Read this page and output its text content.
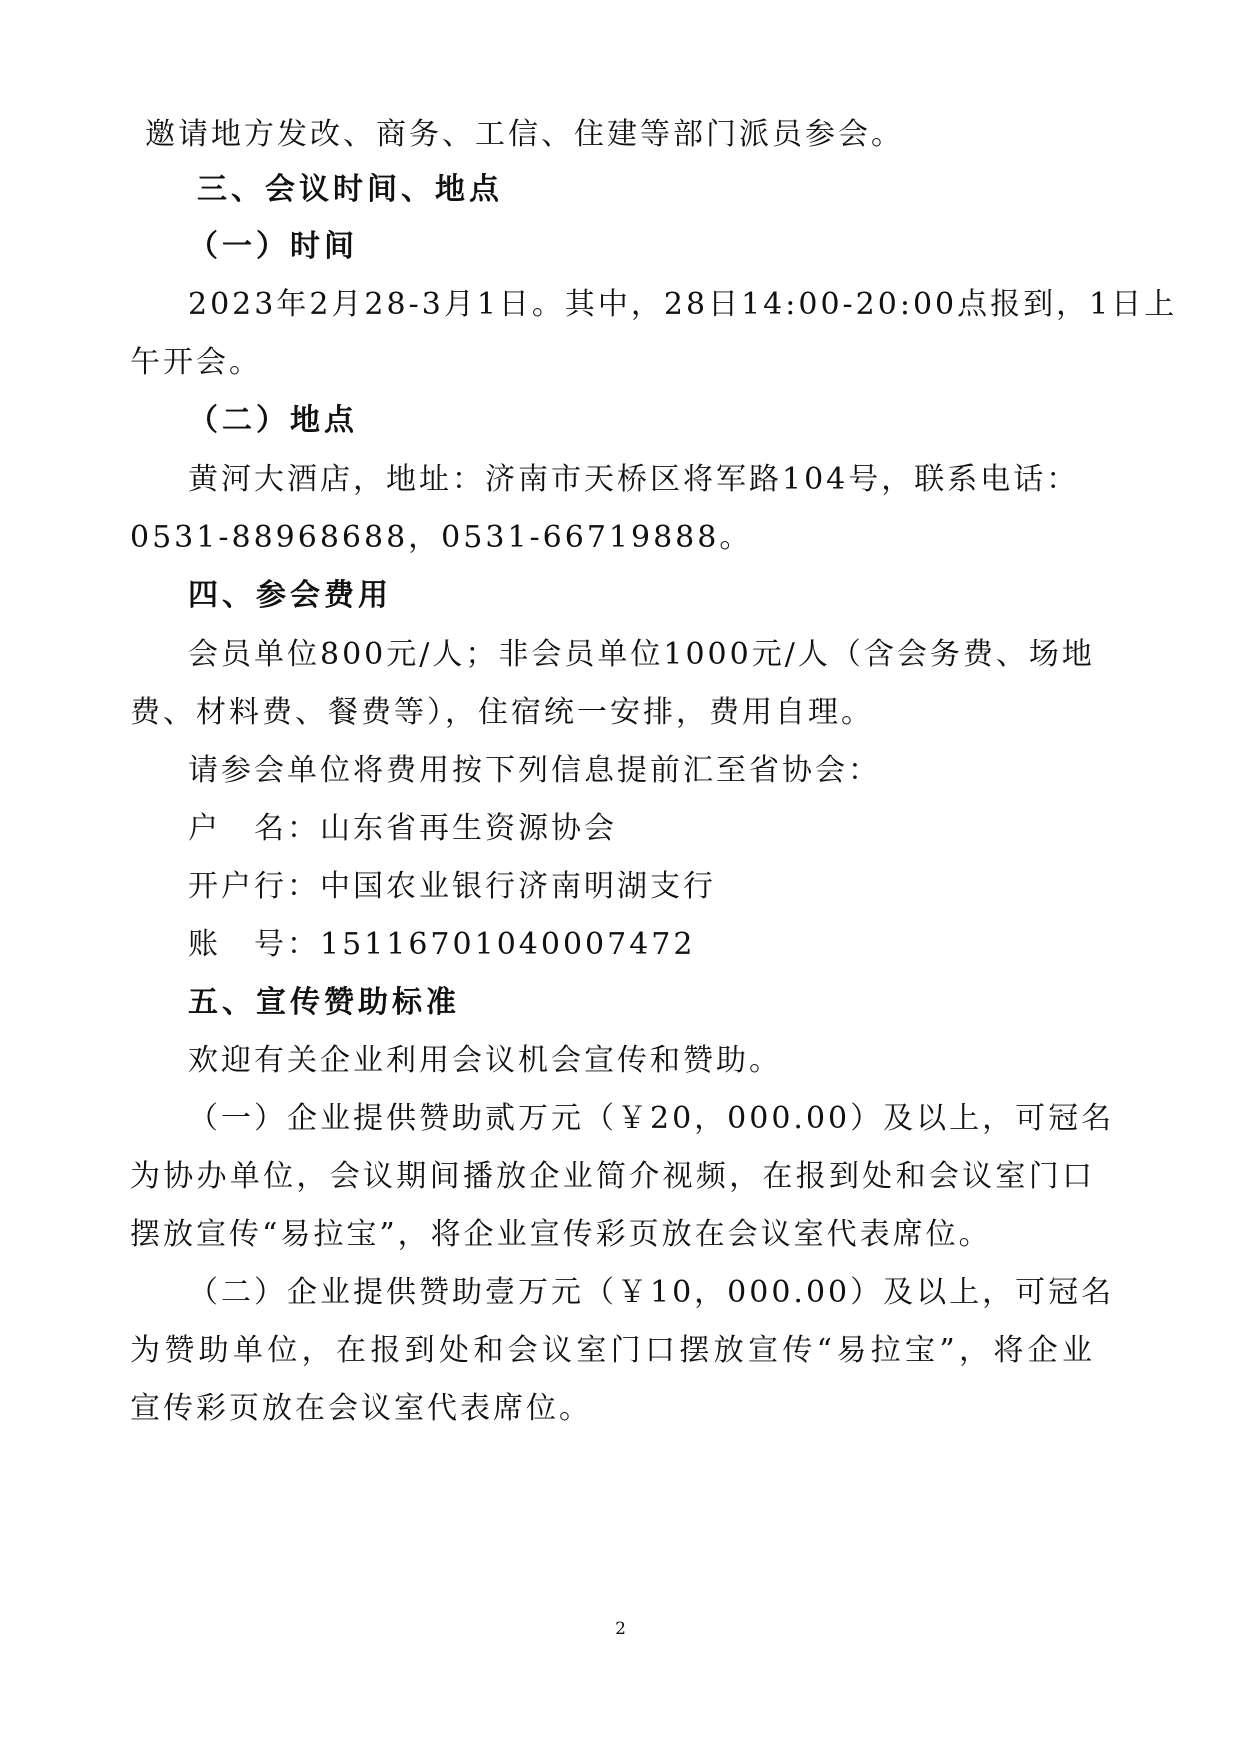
邀请地方发改、商务、工信、住建等部门派员参会。
三、会议时间、地点
（一）时间
2023年2月28-3月1日。其中，28日14:00-20:00点报到，1日上
午开会。
（二）地点
黄河大酒店，地址：济南市天桥区将军路104号，联系电话：
0531-88968688，0531-66719888。
四、参会费用
会员单位800元/人；非会员单位1000元/人（含会务费、场地
费、材料费、餐费等），住宿统一安排，费用自理。
请参会单位将费用按下列信息提前汇至省协会：
户　名：山东省再生资源协会
开户行：中国农业银行济南明湖支行
账　号：15116701040007472
五、宣传赞助标准
欢迎有关企业利用会议机会宣传和赞助。
（一）企业提供赞助贰万元（￥20，000.00）及以上，可冠名
为协办单位，会议期间播放企业简介视频，在报到处和会议室门口
摆放宣传“易拉宝”，将企业宣传彩页放在会议室代表席位。
（二）企业提供赞助壹万元（￥10，000.00）及以上，可冠名
为赞助单位，在报到处和会议室门口摆放宣传“易拉宝”，将企业
宣传彩页放在会议室代表席位。
2
